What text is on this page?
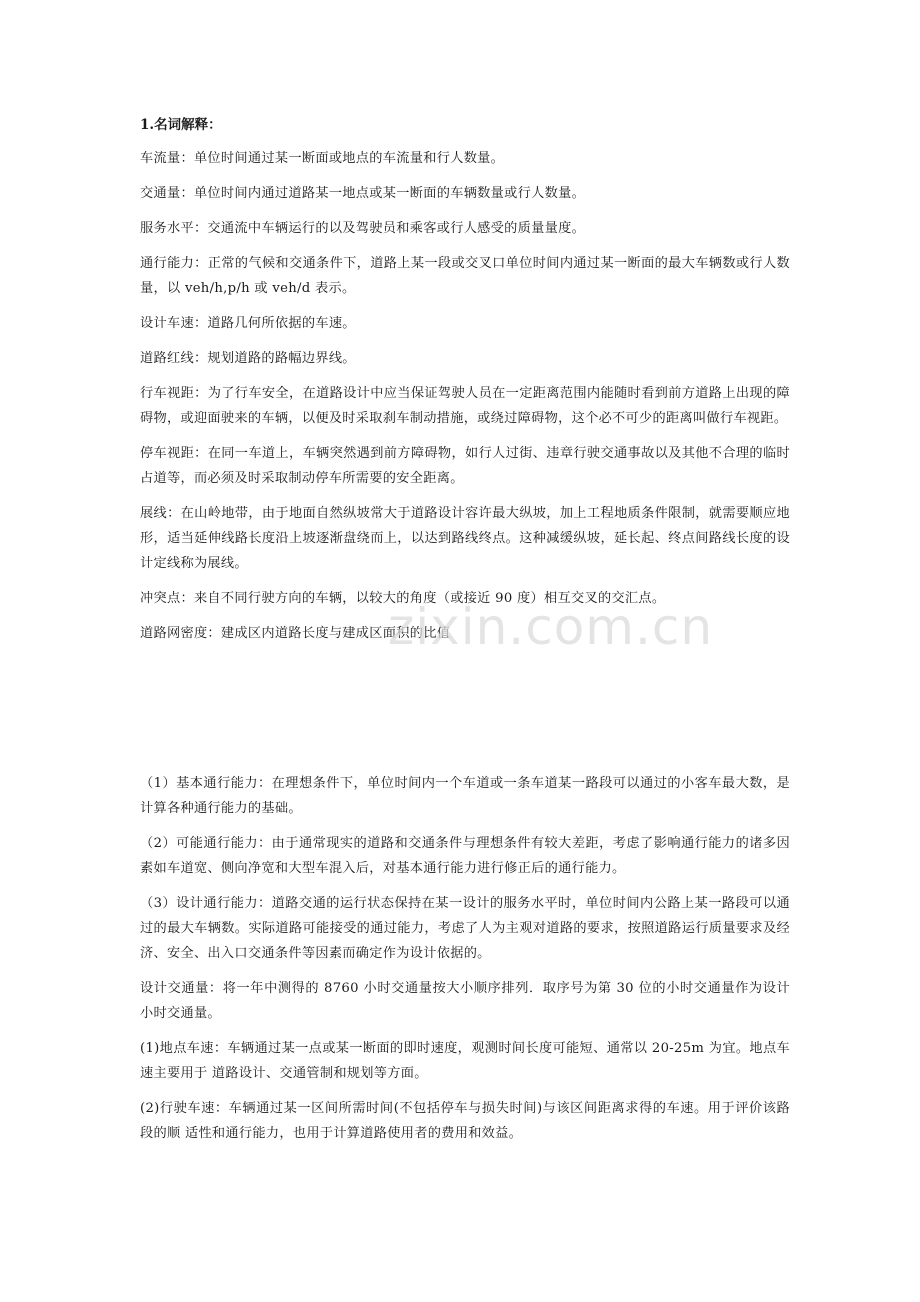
1.名词解释：

车流量：单位时间通过某一断面或地点的车流量和行人数量。

交通量：单位时间内通过道路某一地点或某一断面的车辆数量或行人数量。

服务水平：交通流中车辆运行的以及驾驶员和乘客或行人感受的质量量度。

通行能力：正常的气候和交通条件下，道路上某一段或交叉口单位时间内通过某一断面的最大车辆数或行人数量，以 veh/h,p/h 或 veh/d 表示。

设计车速：道路几何所依据的车速。

道路红线：规划道路的路幅边界线。

行车视距：为了行车安全，在道路设计中应当保证驾驶人员在一定距离范围内能随时看到前方道路上出现的障碍物，或迎面驶来的车辆，以便及时采取刹车制动措施，或绕过障碍物，这个必不可少的距离叫做行车视距。

停车视距：在同一车道上，车辆突然遇到前方障碍物，如行人过街、违章行驶交通事故以及其他不合理的临时占道等，而必须及时采取制动停车所需要的安全距离。

展线：在山岭地带，由于地面自然纵坡常大于道路设计容许最大纵坡，加上工程地质条件限制，就需要顺应地形，适当延伸线路长度沿上坡逐渐盘绕而上，以达到路线终点。这种减缓纵坡，延长起、终点间路线长度的设计定线称为展线。

冲突点：来自不同行驶方向的车辆，以较大的角度（或接近 90 度）相互交叉的交汇点。

道路网密度：建成区内道路长度与建成区面积的比值

（1）基本通行能力：在理想条件下，单位时间内一个车道或一条车道某一路段可以通过的小客车最大数，是计算各种通行能力的基础。

（2）可能通行能力：由于通常现实的道路和交通条件与理想条件有较大差距，考虑了影响通行能力的诸多因素如车道宽、侧向净宽和大型车混入后，对基本通行能力进行修正后的通行能力。

（3）设计通行能力：道路交通的运行状态保持在某一设计的服务水平时，单位时间内公路上某一路段可以通过的最大车辆数。实际道路可能接受的通过能力，考虑了人为主观对道路的要求，按照道路运行质量要求及经济、安全、出入口交通条件等因素而确定作为设计依据的。

设计交通量：将一年中测得的 8760 小时交通量按大小顺序排列．取序号为第 30 位的小时交通量作为设计小时交通量。

(1)地点车速：车辆通过某一点或某一断面的即时速度，观测时间长度可能短、通常以 20-25m 为宜。地点车速主要用于 道路设计、交通管制和规划等方面。

(2)行驶车速：车辆通过某一区间所需时间(不包括停车与损失时间)与该区间距离求得的车速。用于评价该路段的顺 适性和通行能力，也用于计算道路使用者的费用和效益。

zixin.com.cn
